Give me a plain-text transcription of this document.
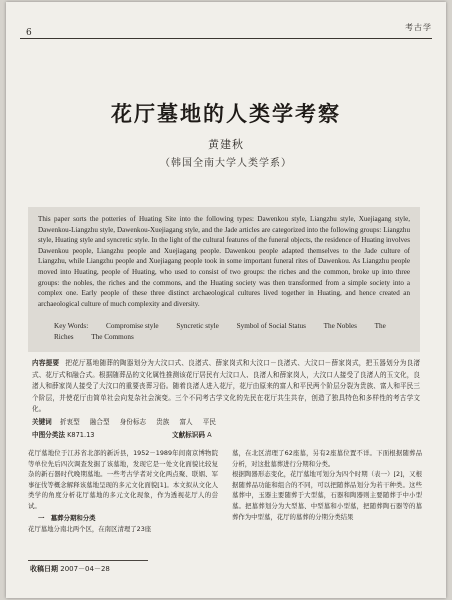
6
考古学
花厅墓地的人类学考察
黄建秋
（韩国全南大学人类学系）
This paper sorts the potteries of Huating Site into the following types: Dawenkou style, Liangzhu style, Xuejiagang style, Dawenkou-Liangzhu style, Dawenkou-Xuejiagang style, and the Jade articles are categorized into the following groups: Liangzhu style, Huating style and syncretic style. In the light of the cultural features of the funeral objects, the residence of Huating involves Dawenkou people, Liangzhu people and Xuejiagang people. Dawenkou people adapted themselves to the Jade culture of Liangzhu, while Liangzhu people and Xuejiagang people took in some important funeral rites of Dawenkou. As Liangzhu people moved into Huating, people of Huating, who used to consist of two groups: the riches and the common, broke up into three groups: the nobles, the riches and the commons, and the Huating society was then transformed from a simple society into a complex one. Early people of these three distinct archaeological cultures lived together in Huating, and hence created an archaeological culture of much complexity and diversity.
Key Words: Compromise style Syncretic style Symbol of Social Status The Nobles The Riches The Commons
内容提要 把花厅墓地随葬的陶器划分为大汶口式、良渚式、薛家岗式和大汶口－良渚式、大汶口－薛家岗式，把玉器划分为良渚式、花厅式和融合式。根据随葬品的文化属性推测该花厅居民有大汶口人、良渚人和薛家岗人，大汶口人接受了良渚人的玉文化，良渚人和薛家岗人接受了大汶口的重要丧葬习俗。随着良渚人进入花厅，花厅由原来的富人和平民两个阶层分裂为贵族、富人和平民三个阶层，并使花厅由简单社会向复杂社会演变。三个不同考古学文化的先民在花厅共生共存，创造了独具特色和多样性的考古学文化。
关键词 折衷型 融合型 身份标志 贵族 富人 平民
中图分类法 K871.13	文献标识码 A
花厅墓地位于江苏省北部的新沂县，1952－1989年间南京博物院等单位先后四次调查发掘了该墓地，发现它是一处文化面貌比较复杂的新石器时代晚期墓地。一些考古学者对文化两点聚、联姻、军事征伐等概念解释该墓地呈现的多元文化面貌[1]。本文拟从文化人类学的角度分析花厅墓地的多元文化现象，作为透视花厅人的尝试。
一　墓葬分期和分类
花厅墓地分南北两个区，在南区清理了23座
墓，在北区清理了62座墓，另有2座墓位置不详。下面根据随葬品分析，对这批墓葬进行分期和分类。
根据陶器形态变化，花厅墓地可划分为四个时期（表一）[2]，又根据随葬品功能和组合的不同，可以把随葬品划分为若干种类。这些墓葬中，玉器主要随葬于大型墓，石器和陶器则主要随葬于中小型墓。把墓葬划分为大型墓、中型墓和小型墓，把随葬陶石器等的墓葬作为中型墓，花厅的墓葬的分期分类结果
收稿日期 2007－04－28
